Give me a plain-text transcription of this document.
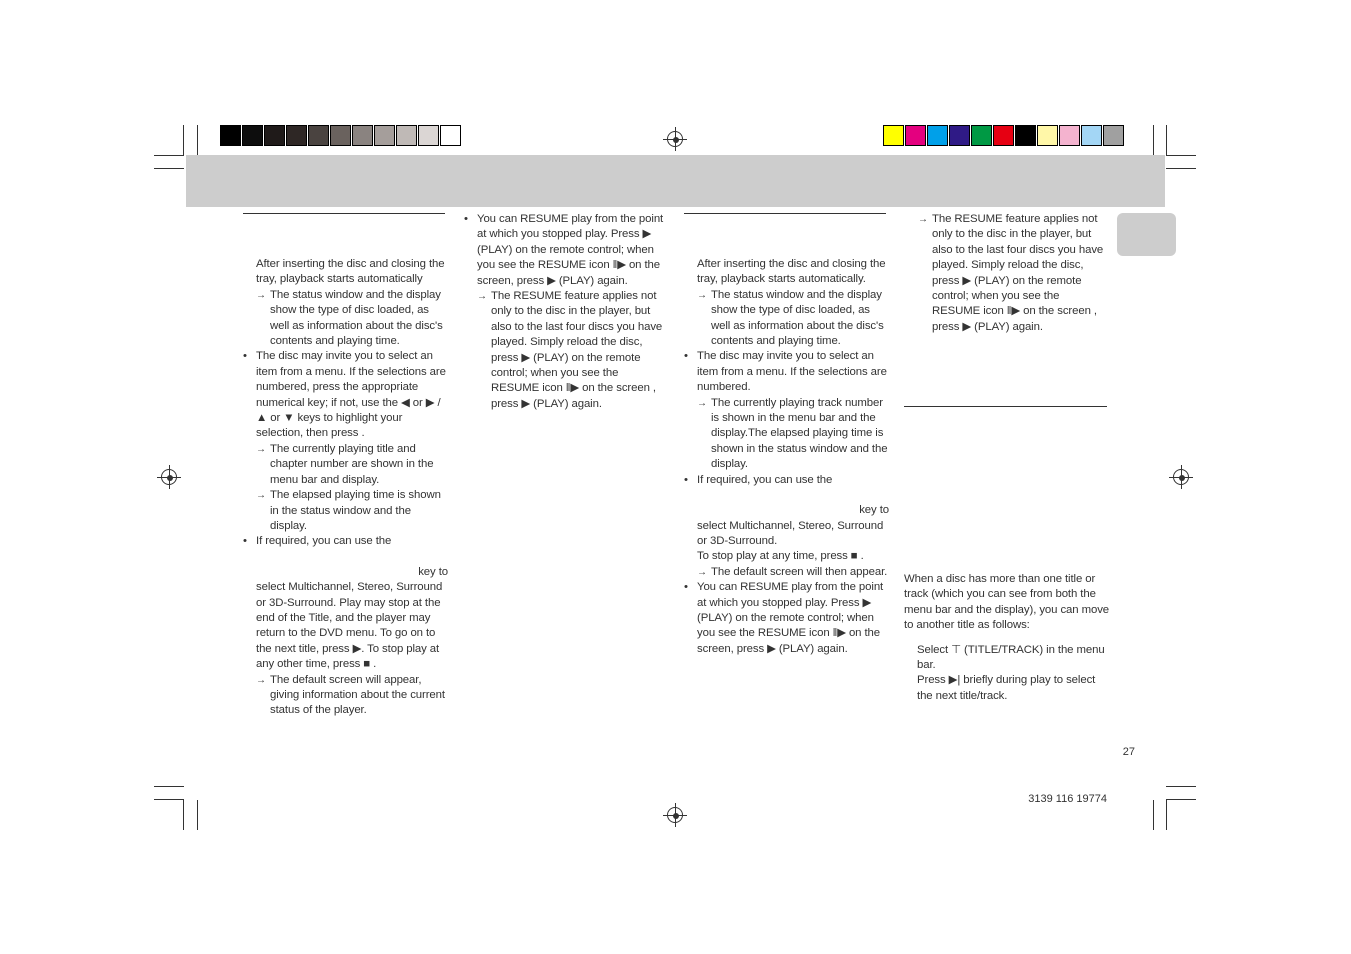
After inserting the disc and closing the tray, playback starts automatically

→ The status window and the display show the type of disc loaded, as well as information about the disc's contents and playing time.

• The disc may invite you to select an item from a menu. If the selections are numbered, press the appropriate numerical key; if not, use the ◀ or ▶ / ▲ or ▼ keys to highlight your selection, then press .

→ The currently playing title and chapter number are shown in the menu bar and display.

→ The elapsed playing time is shown in the status window and the display.

• If required, you can use the

key to

select Multichannel, Stereo, Surround or 3D-Surround. Play may stop at the end of the Title, and the player may return to the DVD menu. To go on to the next title, press ▶. To stop play at any other time, press ■ .

→ The default screen will appear, giving information about the current status of the player.

• You can RESUME play from the point at which you stopped play. Press ▶ (PLAY) on the remote control; when you see the RESUME icon ‖▶ on the screen, press ▶ (PLAY) again.

→ The RESUME feature applies not only to the disc in the player, but also to the last four discs you have played. Simply reload the disc, press ▶ (PLAY) on the remote control; when you see the RESUME icon ‖▶ on the screen , press ▶ (PLAY) again.

After inserting the disc and closing the tray, playback starts automatically.

→ The status window and the display show the type of disc loaded, as well as information about the disc's contents and playing time.

• The disc may invite you to select an item from a menu. If the selections are numbered.

→ The currently playing track number is shown in the menu bar and the display.The elapsed playing time is shown in the status window and the display.

• If required, you can use the

key to

select Multichannel, Stereo, Surround or 3D-Surround.

To stop play at any time, press ■ .

→ The default screen will then appear.

• You can RESUME play from the point at which you stopped play. Press ▶ (PLAY) on the remote control; when you see the RESUME icon ‖▶ on the screen, press ▶ (PLAY) again.

→ The RESUME feature applies not only to the disc in the player, but also to the last four discs you have played. Simply reload the disc, press ▶ (PLAY) on the remote control; when you see the RESUME icon ‖▶ on the screen , press ▶ (PLAY) again.

When a disc has more than one title or track (which you can see from both the menu bar and the display), you can move to another title as follows:

Select ⊤ (TITLE/TRACK) in the menu bar.

Press ▶| briefly during play to select the next title/track.

27
3139 116 19774
